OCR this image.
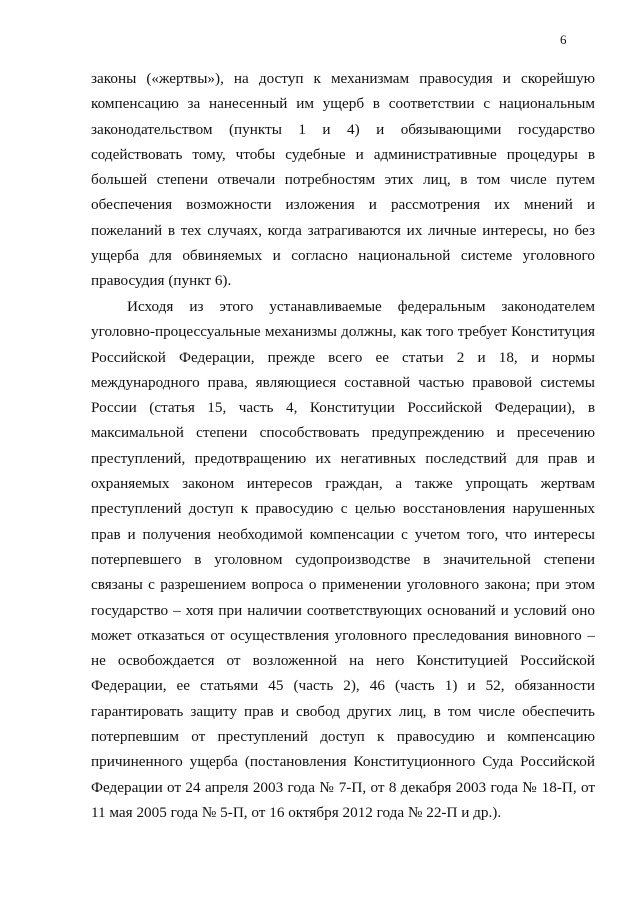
6
законы («жертвы»), на доступ к механизмам правосудия и скорейшую
компенсацию за нанесенный им ущерб в соответствии с национальным
законодательством (пункты 1 и 4) и обязывающими государство
содействовать тому, чтобы судебные и административные процедуры в
большей степени отвечали потребностям этих лиц, в том числе путем
обеспечения возможности изложения и рассмотрения их мнений и
пожеланий в тех случаях, когда затрагиваются их личные интересы, но без
ущерба для обвиняемых и согласно национальной системе уголовного
правосудия (пункт 6).
Исходя из этого устанавливаемые федеральным законодателем
уголовно-процессуальные механизмы должны, как того требует Конституция
Российской Федерации, прежде всего ее статьи 2 и 18, и нормы
международного права, являющиеся составной частью правовой системы
России (статья 15, часть 4, Конституции Российской Федерации), в
максимальной степени способствовать предупреждению и пресечению
преступлений, предотвращению их негативных последствий для прав и
охраняемых законом интересов граждан, а также упрощать жертвам
преступлений доступ к правосудию с целью восстановления нарушенных
прав и получения необходимой компенсации с учетом того, что интересы
потерпевшего в уголовном судопроизводстве в значительной степени
связаны с разрешением вопроса о применении уголовного закона; при этом
государство – хотя при наличии соответствующих оснований и условий оно
может отказаться от осуществления уголовного преследования виновного –
не освобождается от возложенной на него Конституцией Российской
Федерации, ее статьями 45 (часть 2), 46 (часть 1) и 52, обязанности
гарантировать защиту прав и свобод других лиц, в том числе обеспечить
потерпевшим от преступлений доступ к правосудию и компенсацию
причиненного ущерба (постановления Конституционного Суда Российской
Федерации от 24 апреля 2003 года № 7-П, от 8 декабря 2003 года № 18-П, от
11 мая 2005 года № 5-П, от 16 октября 2012 года № 22-П и др.).
